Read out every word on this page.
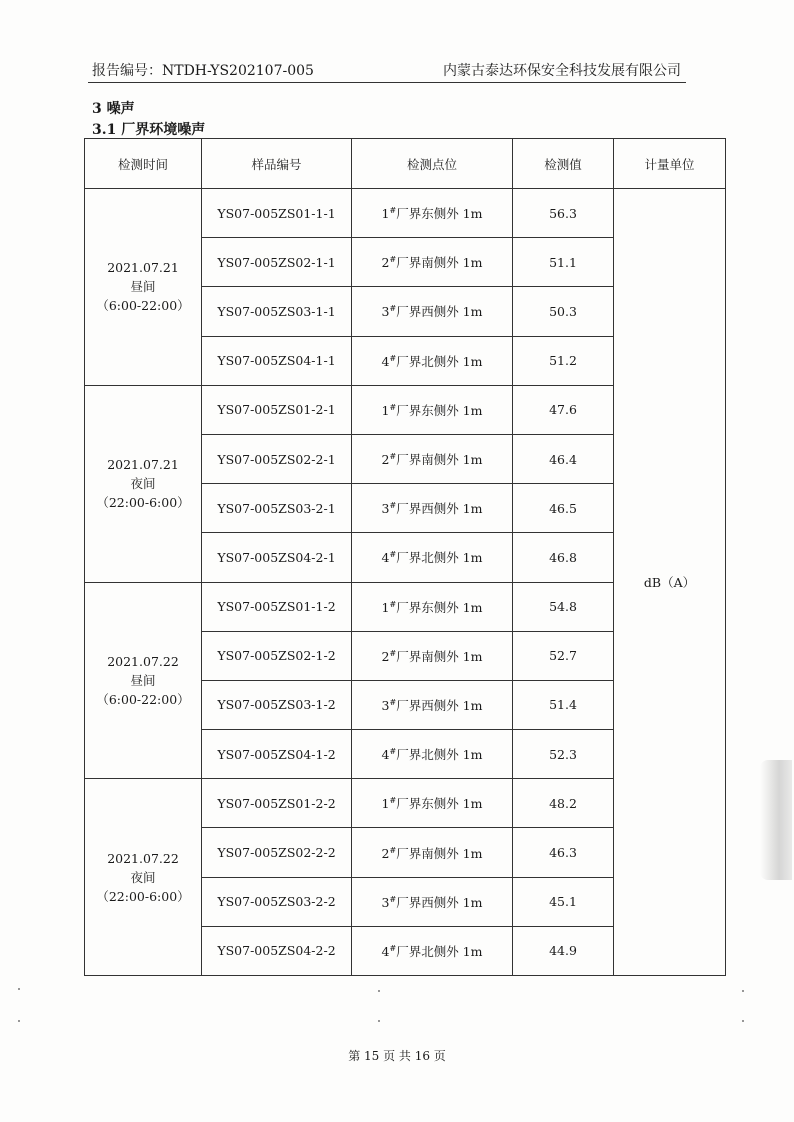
报告编号：NTDH-YS202107-005	内蒙古泰达环保安全科技发展有限公司
3 噪声
3.1 厂界环境噪声
检测时间	样品编号	检测点位	检测值	计量单位

2021.07.21
昼间
（6:00-22:00）	YS07-005ZS01-1-1	1#厂界东侧外 1m	56.3	dB（A）
	YS07-005ZS02-1-1	2#厂界南侧外 1m	51.1	
	YS07-005ZS03-1-1	3#厂界西侧外 1m	50.3	
	YS07-005ZS04-1-1	4#厂界北侧外 1m	51.2	

2021.07.21
夜间
（22:00-6:00）	YS07-005ZS01-2-1	1#厂界东侧外 1m	47.6	
	YS07-005ZS02-2-1	2#厂界南侧外 1m	46.4	
	YS07-005ZS03-2-1	3#厂界西侧外 1m	46.5	
	YS07-005ZS04-2-1	4#厂界北侧外 1m	46.8	

2021.07.22
昼间
（6:00-22:00）	YS07-005ZS01-1-2	1#厂界东侧外 1m	54.8	
	YS07-005ZS02-1-2	2#厂界南侧外 1m	52.7	
	YS07-005ZS03-1-2	3#厂界西侧外 1m	51.4	
	YS07-005ZS04-1-2	4#厂界北侧外 1m	52.3	

2021.07.22
夜间
（22:00-6:00）	YS07-005ZS01-2-2	1#厂界东侧外 1m	48.2	
	YS07-005ZS02-2-2	2#厂界南侧外 1m	46.3	
	YS07-005ZS03-2-2	3#厂界西侧外 1m	45.1	
	YS07-005ZS04-2-2	4#厂界北侧外 1m	44.9	
第 15 页 共 16 页
